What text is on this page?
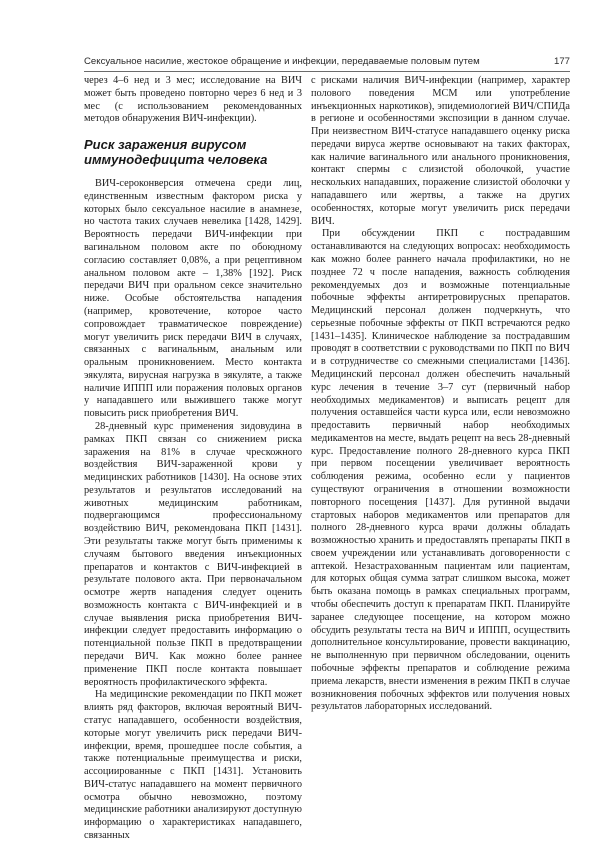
Сексуальное насилие, жестокое обращение и инфекции, передаваемые половым путем	177

через 4–6 нед и 3 мес; исследование на ВИЧ может быть проведено повторно через 6 нед и 3 мес (с использованием рекомендованных методов обнаружения ВИЧ-инфекции).

Риск заражения вирусом иммунодефицита человека

ВИЧ-сероконверсия отмечена среди лиц, единственным известным фактором риска у которых было сексуальное насилие в анамнезе, но частота таких случаев невелика [1428, 1429]. Вероятность передачи ВИЧ-инфекции при вагинальном половом акте по обоюдному согласию составляет 0,08%, а при рецептивном анальном половом акте – 1,38% [192]. Риск передачи ВИЧ при оральном сексе значительно ниже. Особые обстоятельства нападения (например, кровотечение, которое часто сопровождает травматическое повреждение) могут увеличить риск передачи ВИЧ в случаях, связанных с вагинальным, анальным или оральным проникновением. Место контакта эякулята, вирусная нагрузка в эякуляте, а также наличие ИППП или поражения половых органов у нападавшего или выжившего также могут повысить риск приобретения ВИЧ.

28-дневный курс применения зидовудина в рамках ПКП связан со снижением риска заражения на 81% в случае чрескожного воздействия ВИЧ-зараженной крови у медицинских работников [1430]. На основе этих результатов и результатов исследований на животных медицинским работникам, подвергающимся профессиональному воздействию ВИЧ, рекомендована ПКП [1431]. Эти результаты также могут быть применимы к случаям бытового введения инъекционных препаратов и контактов с ВИЧ-инфекцией в результате полового акта. При первоначальном осмотре жертв нападения следует оценить возможность контакта с ВИЧ-инфекцией и в случае выявления риска приобретения ВИЧ-инфекции следует предоставить информацию о потенциальной пользе ПКП в предотвращении передачи ВИЧ. Как можно более раннее применение ПКП после контакта повышает вероятность профилактического эффекта.

На медицинские рекомендации по ПКП может влиять ряд факторов, включая вероятный ВИЧ-статус нападавшего, особенности воздействия, которые могут увеличить риск передачи ВИЧ-инфекции, время, прошедшее после события, а также потенциальные преимущества и риски, ассоциированные с ПКП [1431]. Установить ВИЧ-статус нападавшего на момент первичного осмотра обычно невозможно, поэтому медицинские работники анализируют доступную информацию о характеристиках нападавшего, связанных

с рисками наличия ВИЧ-инфекции (например, характер полового поведения МСМ или употребление инъекционных наркотиков), эпидемиологией ВИЧ/СПИДа в регионе и особенностями экспозиции в данном случае. При неизвестном ВИЧ-статусе нападавшего оценку риска передачи вируса жертве основывают на таких факторах, как наличие вагинального или анального проникновения, контакт спермы с слизистой оболочкой, участие нескольких нападавших, поражение слизистой оболочки у нападавшего или жертвы, а также на других особенностях, которые могут увеличить риск передачи ВИЧ.

При обсуждении ПКП с пострадавшим останавливаются на следующих вопросах: необходимость как можно более раннего начала профилактики, но не позднее 72 ч после нападения, важность соблюдения рекомендуемых доз и возможные потенциальные побочные эффекты антиретровирусных препаратов. Медицинский персонал должен подчеркнуть, что серьезные побочные эффекты от ПКП встречаются редко [1431–1435]. Клиническое наблюдение за пострадавшим проводят в соответствии с руководствами по ПКП по ВИЧ и в сотрудничестве со смежными специалистами [1436]. Медицинский персонал должен обеспечить начальный курс лечения в течение 3–7 сут (первичный набор необходимых медикаментов) и выписать рецепт для получения оставшейся части курса или, если невозможно предоставить первичный набор необходимых медикаментов на месте, выдать рецепт на весь 28-дневный курс. Предоставление полного 28-дневного курса ПКП при первом посещении увеличивает вероятность соблюдения режима, особенно если у пациентов существуют ограничения в отношении возможности повторного посещения [1437]. Для рутинной выдачи стартовых наборов медикаментов или препаратов для полного 28-дневного курса врачи должны обладать возможностью хранить и предоставлять препараты ПКП в своем учреждении или устанавливать договоренности с аптекой. Незастрахованным пациентам или пациентам, для которых общая сумма затрат слишком высока, может быть оказана помощь в рамках специальных программ, чтобы обеспечить доступ к препаратам ПКП. Планируйте заранее следующее посещение, на котором можно обсудить результаты теста на ВИЧ и ИППП, осуществить дополнительное консультирование, провести вакцинацию, не выполненную при первичном обследовании, оценить побочные эффекты препаратов и соблюдение режима приема лекарств, внести изменения в режим ПКП в случае возникновения побочных эффектов или получения новых результатов лабораторных исследований.
